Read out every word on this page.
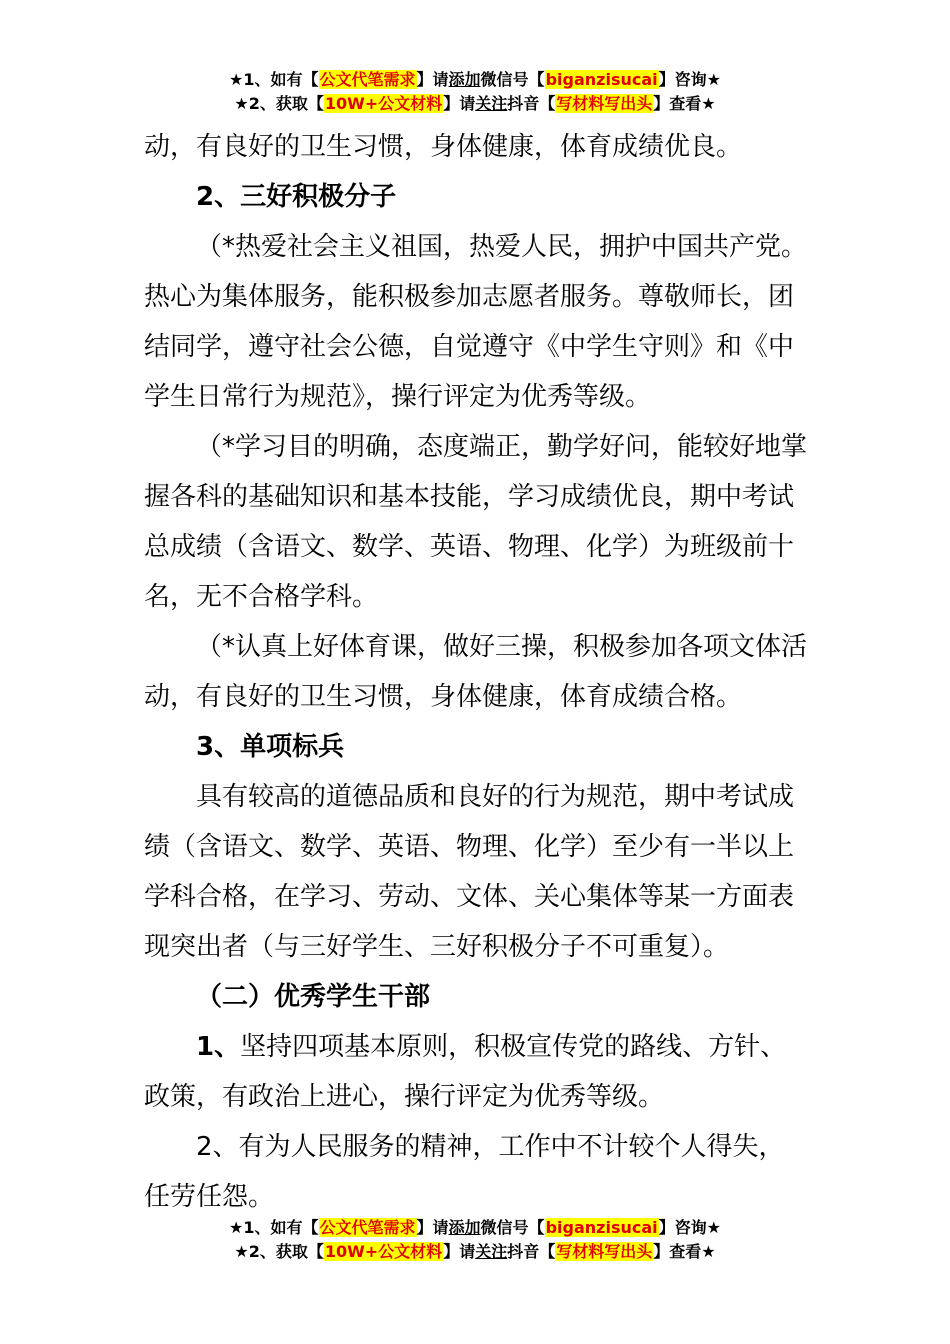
★1、如有【公文代笔需求】请添加微信号【biganzisucai】咨询★
★2、获取【10W+公文材料】请关注抖音【写材料写出头】查看★

动，有良好的卫生习惯，身体健康，体育成绩优良。

2、三好积极分子

（*热爱社会主义祖国，热爱人民，拥护中国共产党。热心为集体服务，能积极参加志愿者服务。尊敬师长，团结同学，遵守社会公德，自觉遵守《中学生守则》和《中学生日常行为规范》，操行评定为优秀等级。

（*学习目的明确，态度端正，勤学好问，能较好地掌握各科的基础知识和基本技能，学习成绩优良，期中考试总成绩（含语文、数学、英语、物理、化学）为班级前十名，无不合格学科。

（*认真上好体育课，做好三操，积极参加各项文体活动，有良好的卫生习惯，身体健康，体育成绩合格。

3、单项标兵

具有较高的道德品质和良好的行为规范，期中考试成绩（含语文、数学、英语、物理、化学）至少有一半以上学科合格，在学习、劳动、文体、关心集体等某一方面表现突出者（与三好学生、三好积极分子不可重复）。

（二）优秀学生干部

1、坚持四项基本原则，积极宣传党的路线、方针、政策，有政治上进心，操行评定为优秀等级。

2、有为人民服务的精神，工作中不计较个人得失，任劳任怨。

★1、如有【公文代笔需求】请添加微信号【biganzisucai】咨询★
★2、获取【10W+公文材料】请关注抖音【写材料写出头】查看★
